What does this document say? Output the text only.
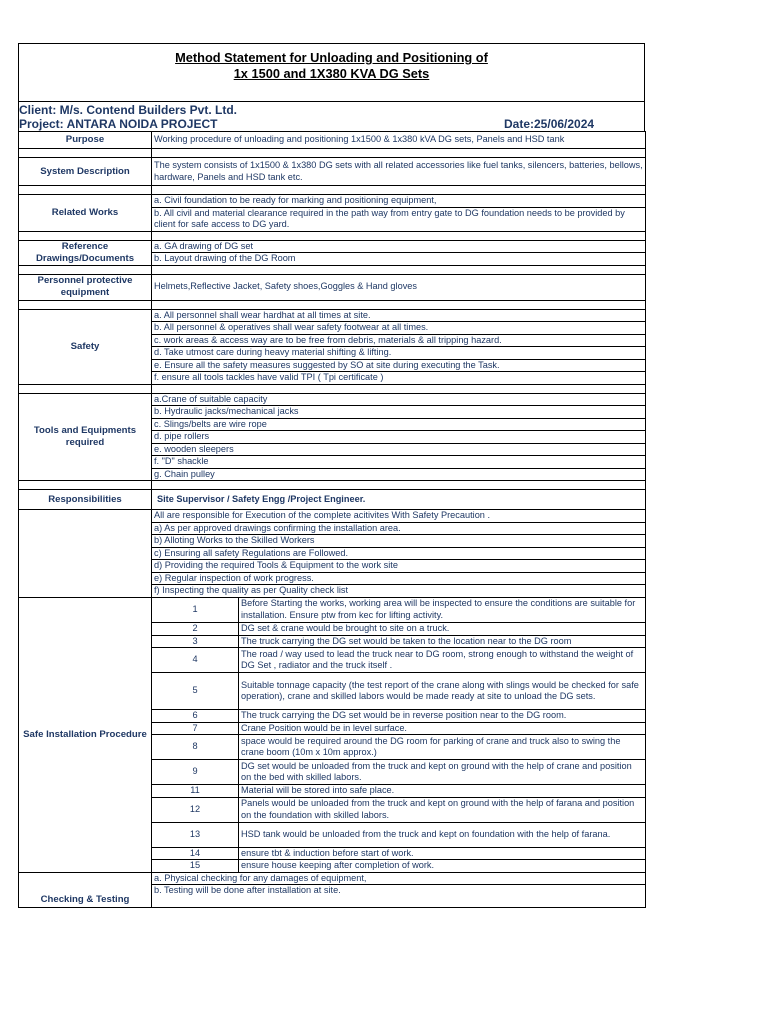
Method Statement for Unloading and Positioning of
1x 1500 and 1X380 KVA DG Sets
Client: M/s. Contend Builders Pvt. Ltd.
Project: ANTARA NOIDA PROJECT	Date:25/06/2024
Purpose	Working procedure of unloading and positioning 1x1500 & 1x380 kVA DG sets, Panels and HSD tank

System Description	The system consists of 1x1500 & 1x380 DG sets with all related accessories like fuel tanks, silencers, batteries, bellows, hardware, Panels and HSD tank etc.

Related Works	
a. Civil foundation to be ready for marking and positioning equipment,
b. All civil and material clearance required in the path way from entry gate to DG foundation needs to be provided by client for safe access to DG yard.

Reference Drawings/Documents	
a. GA drawing of DG set
b. Layout drawing of the DG Room

Personnel protective equipment	Helmets,Reflective Jacket, Safety shoes,Goggles & Hand gloves

Safety	
a. All personnel shall wear hardhat at all times at site.
b. All personnel & operatives shall wear safety footwear at all times.
c. work areas & access way are to be free from debris, materials & all tripping hazard.
d. Take utmost care during heavy material shifting & lifting.
e. Ensure all the safety measures suggested by SO at site during executing the Task.
f. ensure all tools tackles have valid TPI ( Tpi certificate )

Tools and Equipments required	
a.Crane of suitable capacity
b. Hydraulic jacks/mechanical jacks
c. Slings/belts are wire rope
d. pipe rollers
e. wooden sleepers
f. "D" shackle
g. Chain pulley

Responsibilities	Site Supervisor / Safety Engg /Project Engineer.

All are responsible for Execution of the complete acitivites With Safety Precaution .
a) As per approved drawings confirming the installation area.
b) Alloting Works to the Skilled Workers
c) Ensuring all safety Regulations are Followed.
d) Providing the required Tools & Equipment to the work site
e) Regular inspection of work progress.
f) Inspecting the quality as per Quality check list

Safe Installation Procedure	
1	Before Starting the works, working area will be inspected to ensure the conditions are suitable for installation. Ensure ptw from kec for lifting activity.
2	DG set & crane would be brought to site on a truck.
3	The truck carrying the DG set would be taken to the location near to the DG room
4	The road / way used to lead the truck near to DG room, strong enough to withstand the weight of DG Set , radiator and the truck itself .
5	Suitable tonnage capacity (the test report of the crane along with slings would be checked for safe operation), crane and skilled labors would be made ready at site to unload the DG sets.
6	The truck carrying the DG set would be in reverse position near to the DG room.
7	Crane Position would be in level surface.
8	space would be required around the DG room for parking of crane and truck also to swing the crane boom (10m x 10m approx.)
9	DG set would be unloaded from the truck and kept on ground with the help of crane and position on the bed with skilled labors.
11	Material will be stored into safe place.
12	Panels would be unloaded from the truck and kept on ground with the help of farana and position on the foundation with skilled labors.
13	HSD tank would be unloaded from the truck and kept on foundation with the help of farana.
14	ensure tbt & induction before start of work.
15	ensure house keeping after completion of work.

Checking & Testing	
a. Physical checking for any damages of equipment,
b. Testing will be done after installation at site.
